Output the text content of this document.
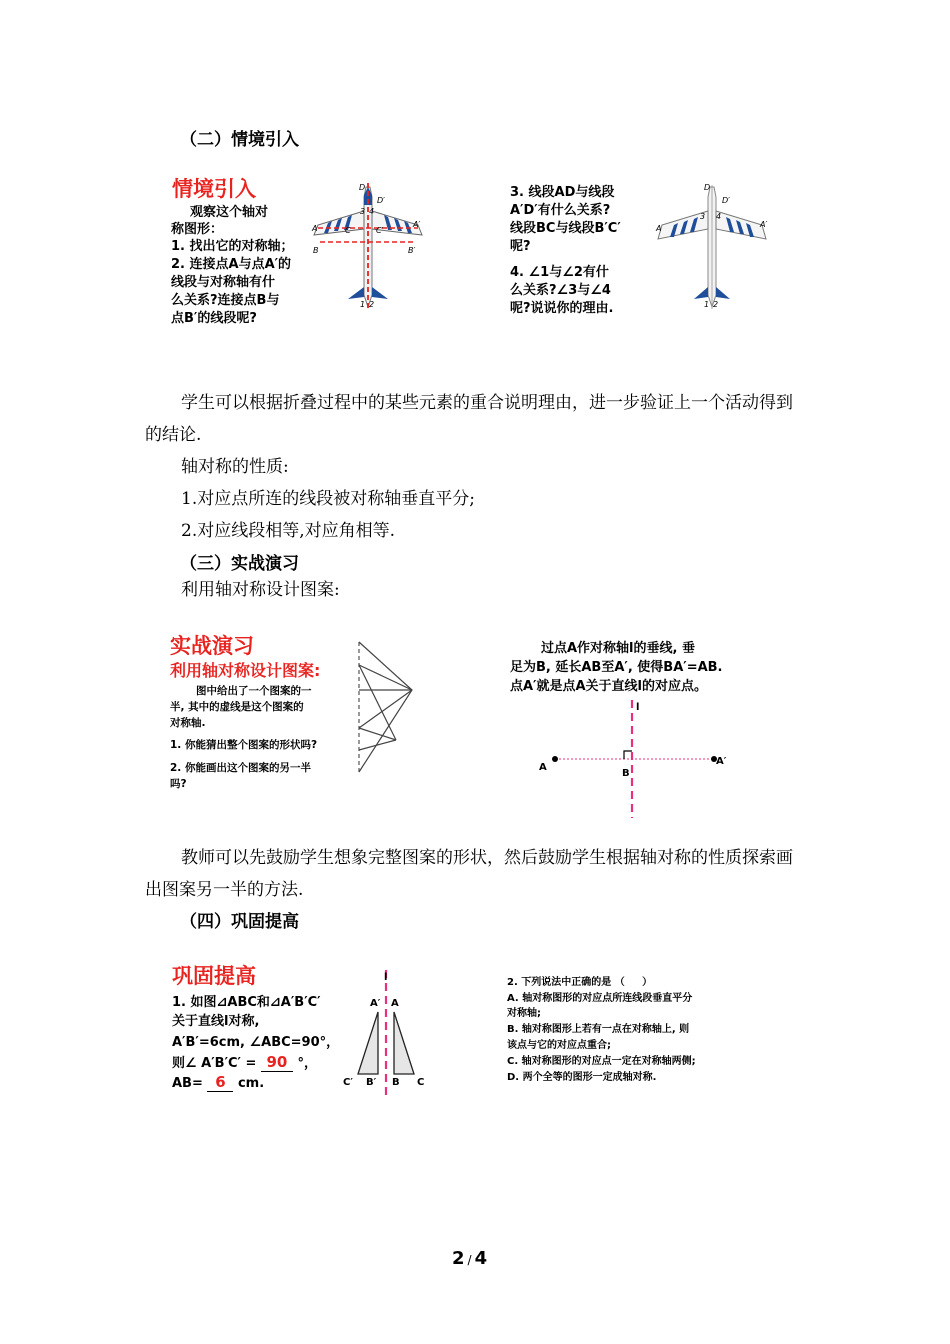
（二）情境引入
情境引入
观察这个轴对
称图形：
1. 找出它的对称轴；
2. 连接点A与点A′的
线段与对称轴有什
么关系?连接点B与
点B′的线段呢?
D
D′
A	A′
B	B′
C	C′
1 2
3 4
3. 线段AD与线段
A′D′有什么关系?
线段BC与线段B′C′
呢?
4. ∠1与∠2有什
么关系?∠3与∠4
呢?说说你的理由.
D
D′
A	A′
3 4
1 2
学生可以根据折叠过程中的某些元素的重合说明理由，进一步验证上一个活动得到的结论.
轴对称的性质:
1.对应点所连的线段被对称轴垂直平分;
2.对应线段相等,对应角相等.
（三）实战演习
利用轴对称设计图案:
实战演习
利用轴对称设计图案:
图中给出了一个图案的一
半, 其中的虚线是这个图案的
对称轴.
1. 你能猜出整个图案的形状吗?
2. 你能画出这个图案的另一半
吗?
过点A作对称轴l的垂线, 垂
足为B, 延长AB至A′, 使得BA′=AB.
点A′就是点A关于直线l的对应点。
l
A
B
A′
教师可以先鼓励学生想象完整图案的形状，然后鼓励学生根据轴对称的性质探索画出图案另一半的方法.
（四）巩固提高
巩固提高
1. 如图⊿ABC和⊿A′B′C′
关于直线l对称,
A′B′=6cm, ∠ABC=90°，
则∠ A′B′C′ = 90 °，
AB= 6 cm.
l
A′ A
C′ B′ B C
2. 下列说法中正确的是 （     ）
A. 轴对称图形的对应点所连线段垂直平分
对称轴;
B. 轴对称图形上若有一点在对称轴上, 则
该点与它的对应点重合;
C. 轴对称图形的对应点一定在对称轴两侧;
D. 两个全等的图形一定成轴对称.
2 / 4
